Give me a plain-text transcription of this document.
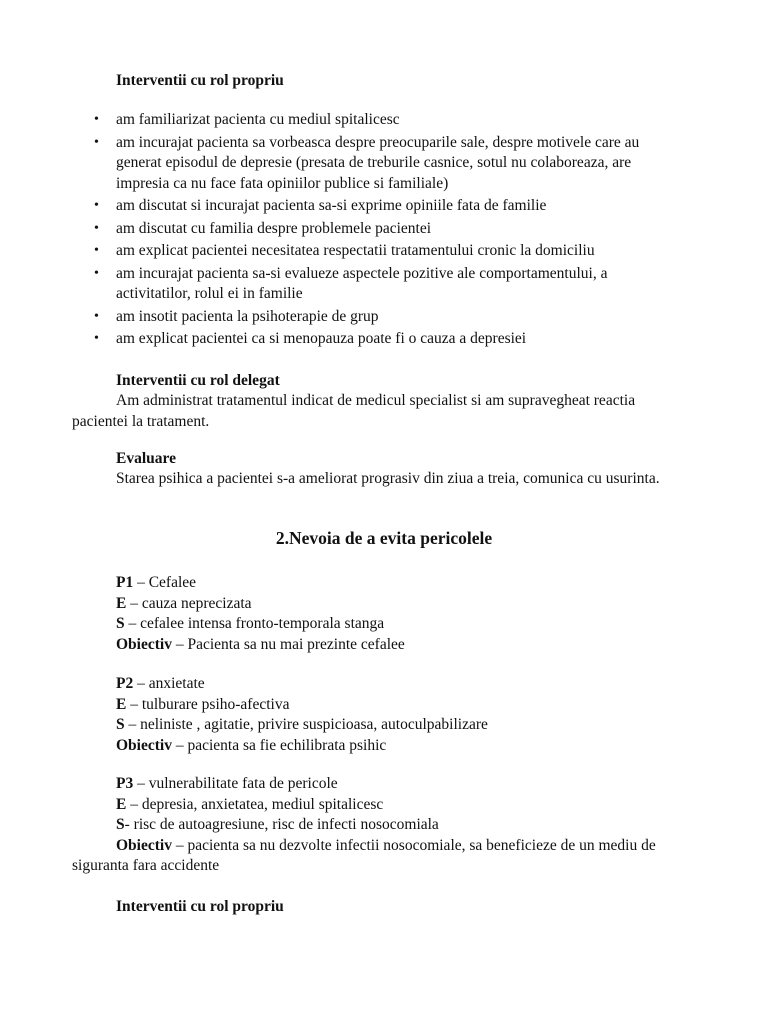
Interventii cu rol propriu
• am familiarizat pacienta cu mediul spitalicesc
• am incurajat pacienta sa vorbeasca despre preocuparile sale, despre motivele care au generat episodul de depresie (presata de treburile casnice, sotul nu colaboreaza, are impresia ca nu face fata opiniilor publice si familiale)
• am discutat si incurajat pacienta sa-si exprime opiniile fata de familie
• am discutat cu familia despre problemele pacientei
• am explicat pacientei necesitatea respectatii tratamentului cronic la domiciliu
• am incurajat pacienta sa-si evalueze aspectele pozitive ale comportamentului, a activitatilor, rolul ei in familie
• am insotit pacienta la psihoterapie de grup
• am explicat pacientei ca si menopauza poate fi o cauza a depresiei
Interventii cu rol delegat
Am administrat tratamentul indicat de medicul specialist si am supravegheat reactia pacientei la tratament.
Evaluare
Starea psihica a pacientei s-a ameliorat prograsiv din ziua a treia, comunica cu usurinta.
2.Nevoia de a evita pericolele
P1 – Cefalee
E – cauza neprecizata
S – cefalee intensa fronto-temporala stanga
Obiectiv – Pacienta sa nu mai prezinte cefalee
P2 – anxietate
E – tulburare psiho-afectiva
S – neliniste , agitatie, privire suspicioasa, autoculpabilizare
Obiectiv – pacienta sa fie echilibrata psihic
P3 – vulnerabilitate fata de pericole
E – depresia, anxietatea, mediul spitalicesc
S- risc de autoagresiune, risc de infecti nosocomiala
Obiectiv – pacienta sa nu dezvolte infectii nosocomiale, sa beneficieze de un mediu de siguranta fara accidente
Interventii cu rol propriu
